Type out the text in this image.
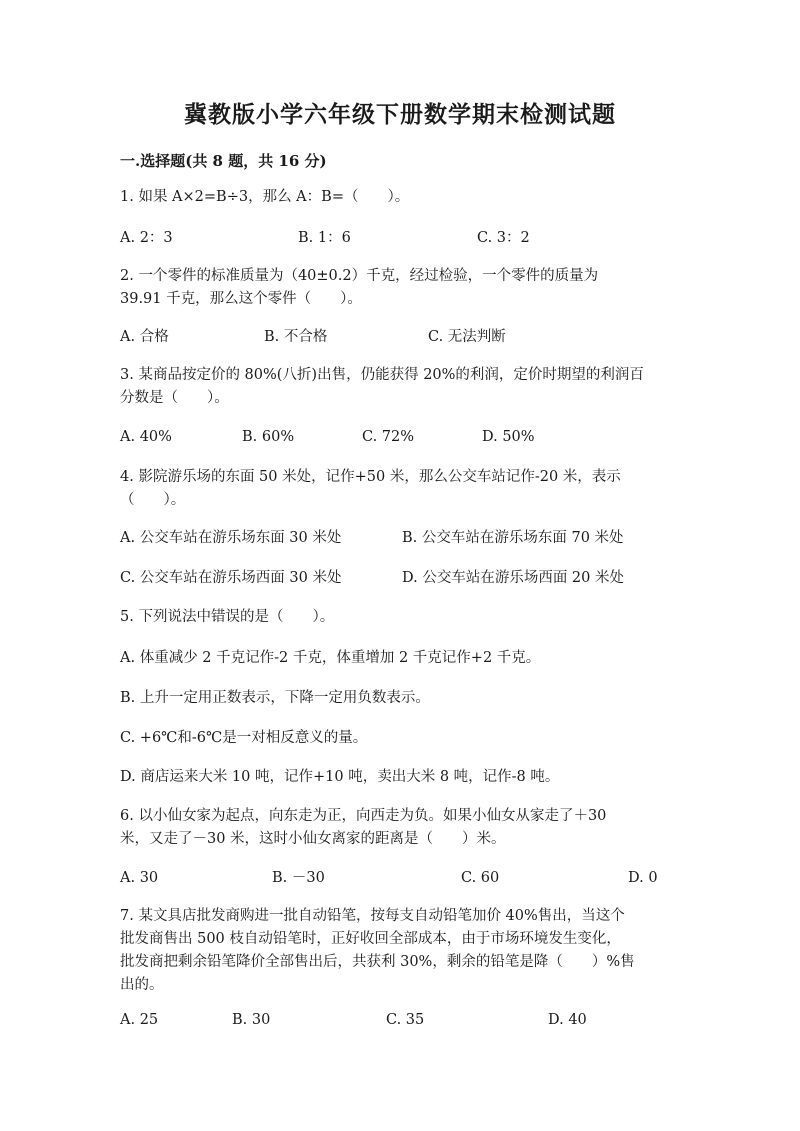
冀教版小学六年级下册数学期末检测试题
一.选择题(共 8 题，共 16 分)
1. 如果 A×2=B÷3，那么 A：B=（　　）。
A. 2：3	B. 1：6	C. 3：2
2. 一个零件的标准质量为（40±0.2）千克，经过检验，一个零件的质量为
39.91 千克，那么这个零件（　　）。
A. 合格	B. 不合格	C. 无法判断
3. 某商品按定价的 80%(八折)出售，仍能获得 20%的利润，定价时期望的利润百
分数是（　　）。
A. 40%	B. 60%	C. 72%	D. 50%
4. 影院游乐场的东面 50 米处，记作+50 米，那么公交车站记作-20 米，表示
（　　）。
A. 公交车站在游乐场东面 30 米处	B. 公交车站在游乐场东面 70 米处
C. 公交车站在游乐场西面 30 米处	D. 公交车站在游乐场西面 20 米处
5. 下列说法中错误的是（　　）。
A. 体重减少 2 千克记作-2 千克，体重增加 2 千克记作+2 千克。
B. 上升一定用正数表示，下降一定用负数表示。
C. +6℃和-6℃是一对相反意义的量。
D. 商店运来大米 10 吨，记作+10 吨，卖出大米 8 吨，记作-8 吨。
6. 以小仙女家为起点，向东走为正，向西走为负。如果小仙女从家走了＋30
米，又走了－30 米，这时小仙女离家的距离是（　　）米。
A. 30	B. －30	C. 60	D. 0
7. 某文具店批发商购进一批自动铅笔，按每支自动铅笔加价 40%售出，当这个
批发商售出 500 枝自动铅笔时，正好收回全部成本，由于市场环境发生变化，
批发商把剩余铅笔降价全部售出后，共获利 30%，剩余的铅笔是降（　　）%售
出的。
A. 25	B. 30	C. 35	D. 40
